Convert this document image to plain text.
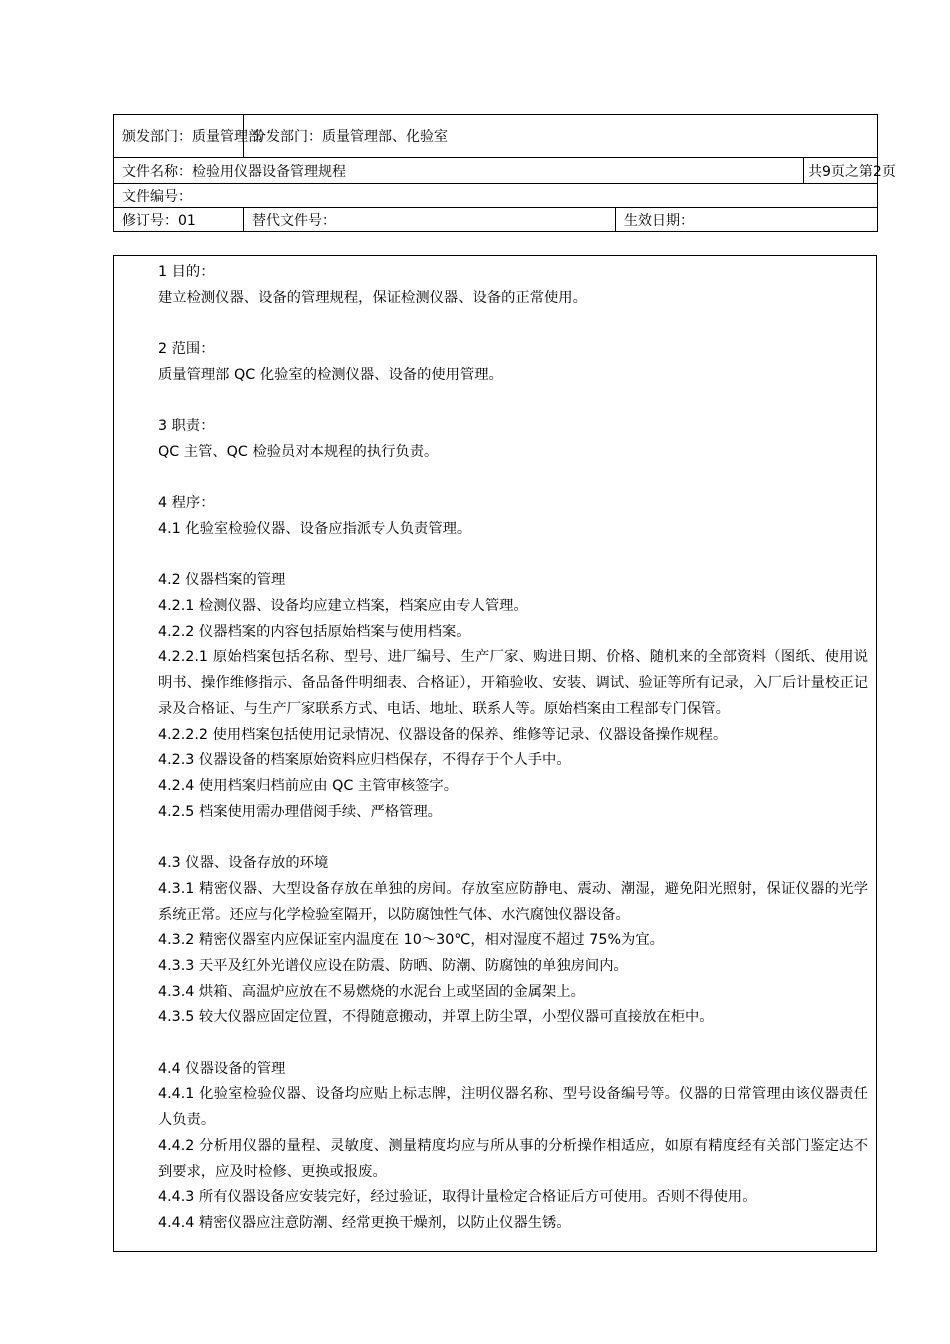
颁发部门：质量管理部	分发部门：质量管理部、化验室		
文件名称：检验用仪器设备管理规程			共9页之第2页
文件编号：			
修订号：01	替代文件号：	生效日期：	

1 目的：

建立检测仪器、设备的管理规程，保证检测仪器、设备的正常使用。

2 范围：

质量管理部 QC 化验室的检测仪器、设备的使用管理。

3 职责：

QC 主管、QC 检验员对本规程的执行负责。

4 程序：

4.1 化验室检验仪器、设备应指派专人负责管理。

4.2 仪器档案的管理

4.2.1 检测仪器、设备均应建立档案，档案应由专人管理。

4.2.2 仪器档案的内容包括原始档案与使用档案。

4.2.2.1 原始档案包括名称、型号、进厂编号、生产厂家、购进日期、价格、随机来的全部资料（图纸、使用说明书、操作维修指示、备品备件明细表、合格证），开箱验收、安装、调试、验证等所有记录，入厂后计量校正记录及合格证、与生产厂家联系方式、电话、地址、联系人等。原始档案由工程部专门保管。

4.2.2.2 使用档案包括使用记录情况、仪器设备的保养、维修等记录、仪器设备操作规程。

4.2.3 仪器设备的档案原始资料应归档保存，不得存于个人手中。

4.2.4 使用档案归档前应由 QC 主管审核签字。

4.2.5 档案使用需办理借阅手续、严格管理。

4.3 仪器、设备存放的环境

4.3.1 精密仪器、大型设备存放在单独的房间。存放室应防静电、震动、潮湿，避免阳光照射，保证仪器的光学系统正常。还应与化学检验室隔开，以防腐蚀性气体、水汽腐蚀仪器设备。

4.3.2 精密仪器室内应保证室内温度在 10～30℃，相对湿度不超过 75%为宜。

4.3.3 天平及红外光谱仪应设在防震、防晒、防潮、防腐蚀的单独房间内。

4.3.4 烘箱、高温炉应放在不易燃烧的水泥台上或坚固的金属架上。

4.3.5 较大仪器应固定位置，不得随意搬动，并罩上防尘罩，小型仪器可直接放在柜中。

4.4 仪器设备的管理

4.4.1 化验室检验仪器、设备均应贴上标志牌，注明仪器名称、型号设备编号等。仪器的日常管理由该仪器责任人负责。

4.4.2 分析用仪器的量程、灵敏度、测量精度均应与所从事的分析操作相适应，如原有精度经有关部门鉴定达不到要求，应及时检修、更换或报废。

4.4.3 所有仪器设备应安装完好，经过验证，取得计量检定合格证后方可使用。否则不得使用。

4.4.4 精密仪器应注意防潮、经常更换干燥剂，以防止仪器生锈。
